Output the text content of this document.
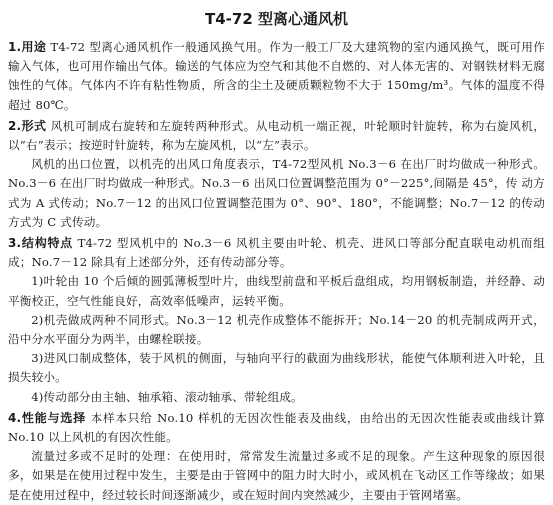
T4-72 型离心通风机

1.用途 T4-72 型离心通风机作一般通风换气用。作为一般工厂及大建筑物的室内通风换气，既可用作输入气体，也可用作输出气体。输送的气体应为空气和其他不自燃的、对人体无害的、对钢铁材料无腐蚀性的气体。气体内不许有粘性物质，所含的尘土及硬质颗粒物不大于 150mg/m³。气体的温度不得超过 80℃。

2.形式 风机可制成右旋转和左旋转两种形式。从电动机一端正视，叶轮顺时针旋转，称为右旋风机，以“右”表示；按逆时针旋转，称为左旋风机，以“左”表示。

风机的出口位置，以机壳的出风口角度表示，T4-72型风机 No.3－6 在出厂时均做成一种形式。No.3－6 在出厂时均做成一种形式。No.3－6 出风口位置调整范围为 0°－225°,间隔是 45°，传 动方式为 A 式传动；No.7－12 的出风口位置调整范围为 0°、90°、180°，不能调整；No.7－12 的传动方式为 C 式传动。

3.结构特点 T4-72 型风机中的 No.3－6 风机主要由叶轮、机壳、进风口等部分配直联电动机而组成；No.7－12 除具有上述部分外，还有传动部分等。

1)叶轮由 10 个后倾的圆弧薄板型叶片，曲线型前盘和平板后盘组成，均用钢板制造，并经静、动平衡校正，空气性能良好，高效率低噪声，运转平衡。

2)机壳做成两种不同形式。No.3－12 机壳作成整体不能拆开；No.14－20 的机壳制成两开式，沿中分水平面分为两半，由螺栓联接。

3)进风口制成整体，装于风机的侧面，与轴向平行的截面为曲线形状，能使气体顺利进入叶轮，且损失较小。

4)传动部分由主轴、轴承箱、滚动轴承、带轮组成。

4.性能与选择 本样本只给 No.10 样机的无因次性能表及曲线，由给出的无因次性能表或曲线计算 No.10 以上风机的有因次性能。

流量过多或不足时的处理：在使用时，常常发生流量过多或不足的现象。产生这种现象的原因很多，如果是在使用过程中发生，主要是由于管网中的阻力时大时小，或风机在飞动区工作等缘故；如果是在使用过程中，经过较长时间逐渐减少，或在短时间内突然减少，主要由于管网堵塞。
